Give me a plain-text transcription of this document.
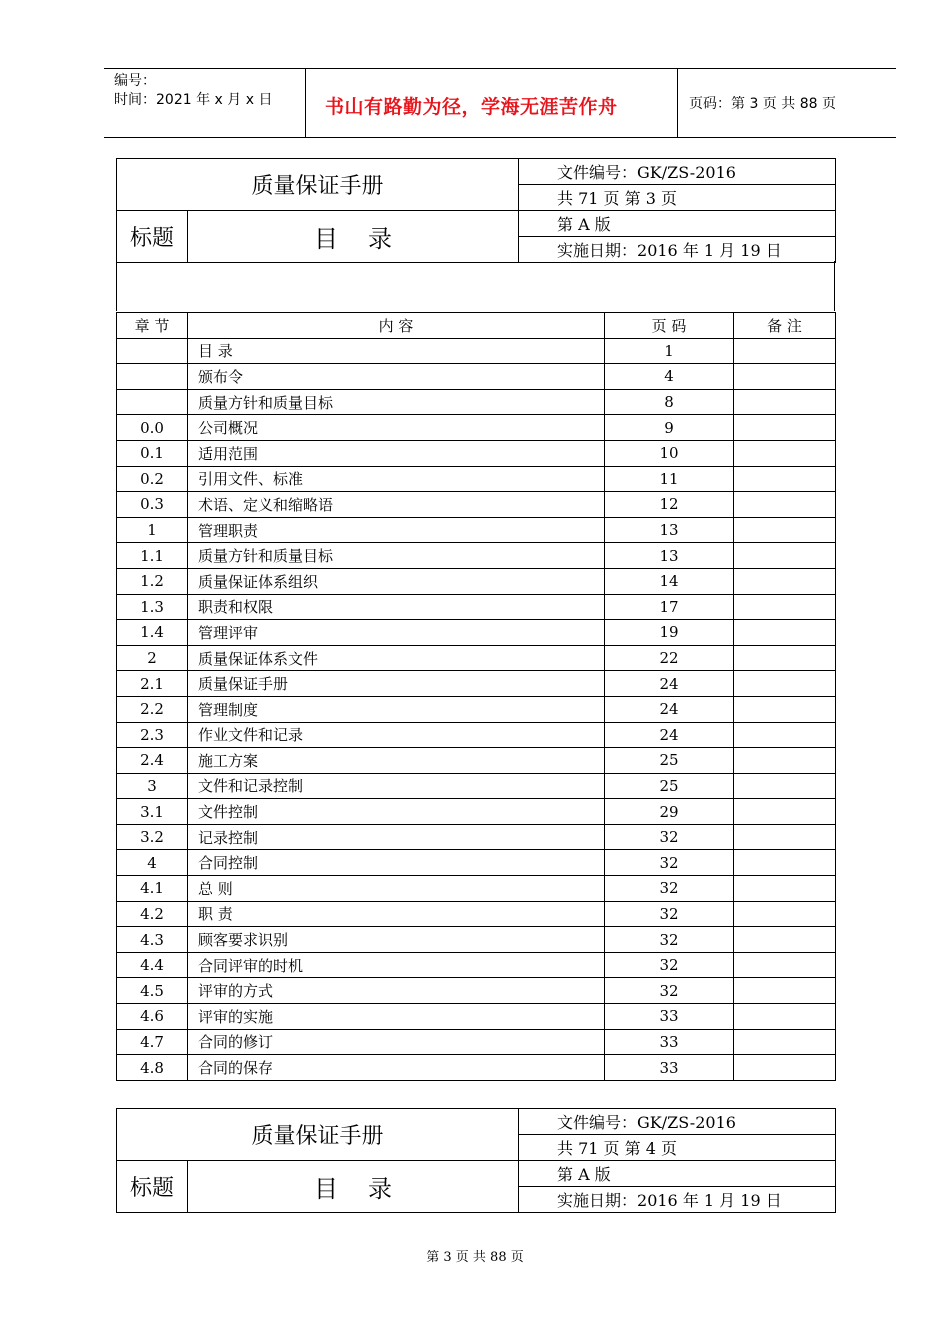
编号：
时间：2021 年 x 月 x 日	书山有路勤为径，学海无涯苦作舟	页码：第 3 页 共 88 页
质量保证手册		文件编号：GK/ZS-2016
		共 71 页 第 3 页
标题	目录	第 A 版
		实施日期：2016 年 1 月 19 日
章 节	内 容	页 码	备 注
	目 录	1	
	颁布令	4	
	质量方针和质量目标	8	
0.0	公司概况	9	
0.1	适用范围	10	
0.2	引用文件、标准	11	
0.3	术语、定义和缩略语	12	
1	管理职责	13	
1.1	质量方针和质量目标	13	
1.2	质量保证体系组织	14	
1.3	职责和权限	17	
1.4	管理评审	19	
2	质量保证体系文件	22	
2.1	质量保证手册	24	
2.2	管理制度	24	
2.3	作业文件和记录	24	
2.4	施工方案	25	
3	文件和记录控制	25	
3.1	文件控制	29	
3.2	记录控制	32	
4	合同控制	32	
4.1	总 则	32	
4.2	职 责	32	
4.3	顾客要求识别	32	
4.4	合同评审的时机	32	
4.5	评审的方式	32	
4.6	评审的实施	33	
4.7	合同的修订	33	
4.8	合同的保存	33	
质量保证手册		文件编号：GK/ZS-2016
		共 71 页 第 4 页
标题	目录	第 A 版
		实施日期：2016 年 1 月 19 日
第 3 页 共 88 页
